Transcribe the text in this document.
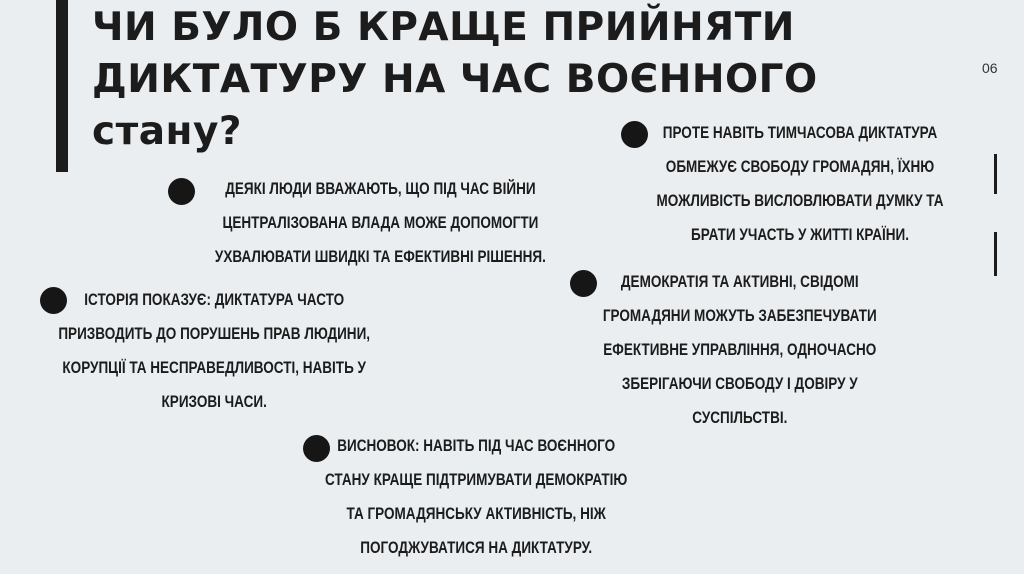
ЧИ БУЛО Б КРАЩЕ ПРИЙНЯТИ
ДИКТАТУРУ НА ЧАС ВОЄННОГО
стану?
06
ДЕЯКІ ЛЮДИ ВВАЖАЮТЬ, ЩО ПІД ЧАС ВІЙНИ
ЦЕНТРАЛІЗОВАНА ВЛАДА МОЖЕ ДОПОМОГТИ
УХВАЛЮВАТИ ШВИДКІ ТА ЕФЕКТИВНІ РІШЕННЯ.
ІСТОРІЯ ПОКАЗУЄ: ДИКТАТУРА ЧАСТО
ПРИЗВОДИТЬ ДО ПОРУШЕНЬ ПРАВ ЛЮДИНИ,
КОРУПЦІЇ ТА НЕСПРАВЕДЛИВОСТІ, НАВІТЬ У
КРИЗОВІ ЧАСИ.
ПРОТЕ НАВІТЬ ТИМЧАСОВА ДИКТАТУРА
ОБМЕЖУЄ СВОБОДУ ГРОМАДЯН, ЇХНЮ
МОЖЛИВІСТЬ ВИСЛОВЛЮВАТИ ДУМКУ ТА
БРАТИ УЧАСТЬ У ЖИТТІ КРАЇНИ.
ДЕМОКРАТІЯ ТА АКТИВНІ, СВІДОМІ
ГРОМАДЯНИ МОЖУТЬ ЗАБЕЗПЕЧУВАТИ
ЕФЕКТИВНЕ УПРАВЛІННЯ, ОДНОЧАСНО
ЗБЕРІГАЮЧИ СВОБОДУ І ДОВІРУ У
СУСПІЛЬСТВІ.
ВИСНОВОК: НАВІТЬ ПІД ЧАС ВОЄННОГО
СТАНУ КРАЩЕ ПІДТРИМУВАТИ ДЕМОКРАТІЮ
ТА ГРОМАДЯНСЬКУ АКТИВНІСТЬ, НІЖ
ПОГОДЖУВАТИСЯ НА ДИКТАТУРУ.
